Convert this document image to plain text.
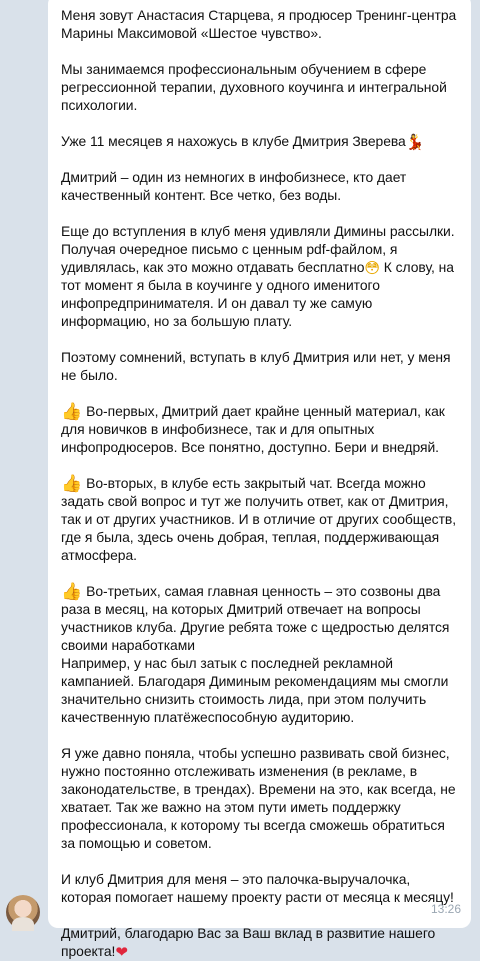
Меня зовут Анастасия Старцева, я продюсер Тренинг-центра Марины Максимовой «Шестое чувство».
Мы занимаемся профессиональным обучением в сфере регрессионной терапии, духовного коучинга и интегральной психологии.
Уже 11 месяцев я нахожусь в клубе Дмитрия Зверева💃
Дмитрий – один из немногих в инфобизнесе, кто дает качественный контент. Все четко, без воды.
Еще до вступления в клуб меня удивляли Димины рассылки. Получая очередное письмо с ценным pdf-файлом, я удивлялась, как это можно отдавать бесплатно😳 К слову, на тот момент я была в коучинге у одного именитого инфопредпринимателя. И он давал ту же самую информацию, но за большую плату.
Поэтому сомнений, вступать в клуб Дмитрия или нет, у меня не было.
👍 Во-первых, Дмитрий дает крайне ценный материал, как для новичков в инфобизнесе, так и для опытных инфопродюсеров. Все понятно, доступно. Бери и внедряй.
👍 Во-вторых, в клубе есть закрытый чат. Всегда можно задать свой вопрос и тут же получить ответ, как от Дмитрия, так и от других участников. И в отличие от других сообществ, где я была, здесь очень добрая, теплая, поддерживающая атмосфера.
👍 Во-третьих, самая главная ценность – это созвоны два раза в месяц, на которых Дмитрий отвечает на вопросы участников клуба. Другие ребята тоже с щедростью делятся своими наработками
Например, у нас был затык с последней рекламной кампанией. Благодаря Диминым рекомендациям мы смогли значительно снизить стоимость лида, при этом получить качественную платёжеспособную аудиторию.
Я уже давно поняла, чтобы успешно развивать свой бизнес, нужно постоянно отслеживать изменения (в рекламе, в законодательстве, в трендах). Времени на это, как всегда, не хватает. Так же важно на этом пути иметь поддержку профессионала, к которому ты всегда сможешь обратиться за помощью и советом.
И клуб Дмитрия для меня – это палочка-выручалочка, которая помогает нашему проекту расти от месяца к месяцу!
Дмитрий, благодарю Вас за Ваш вклад в развитие нашего проекта!❤
13:26
